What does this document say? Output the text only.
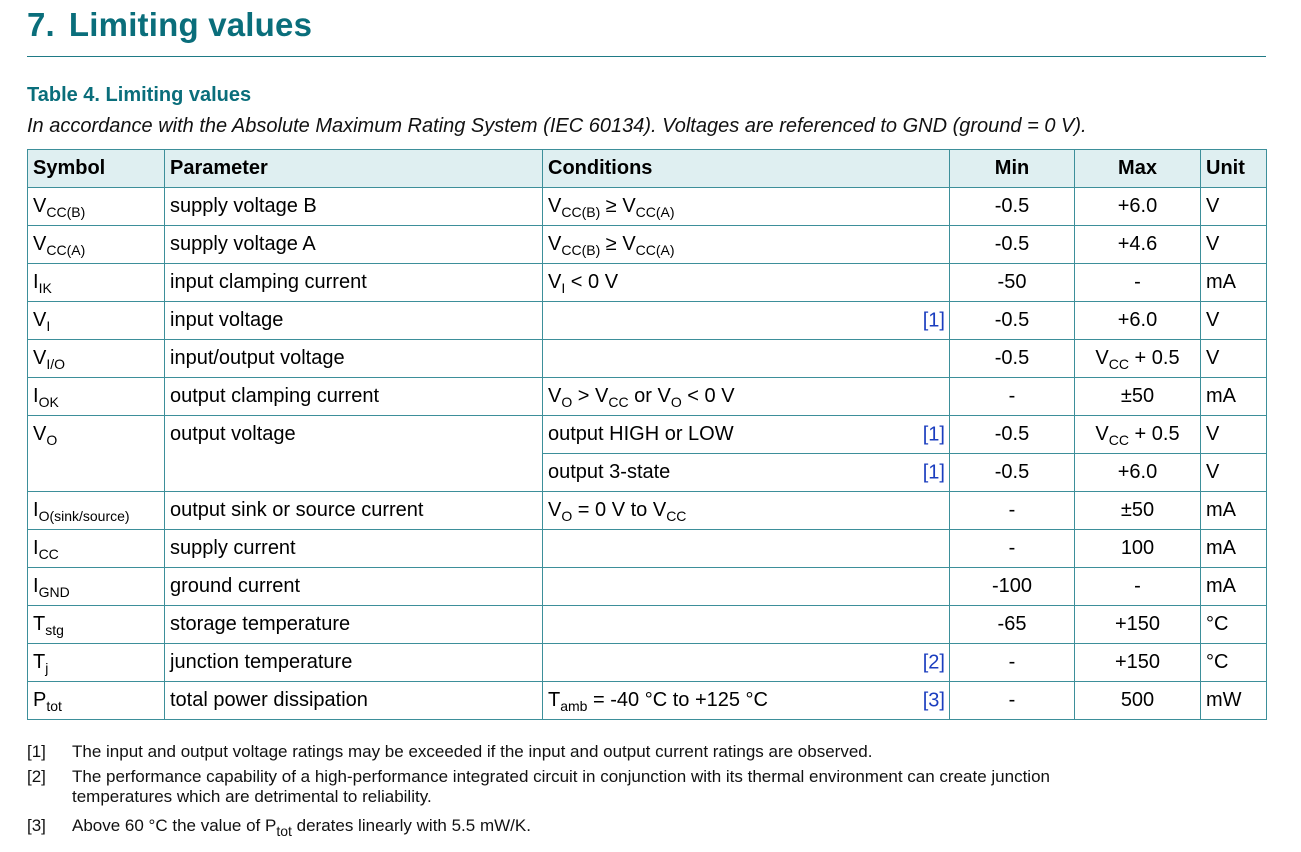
7. Limiting values
Table 4. Limiting values
In accordance with the Absolute Maximum Rating System (IEC 60134). Voltages are referenced to GND (ground = 0 V).
Symbol	Parameter	Conditions	Min	Max	Unit
$V_{CC(B)}$	supply voltage B	$V_{CC(B)} \ge V_{CC(A)}$	-0.5	+6.0	V
$V_{CC(A)}$	supply voltage A	$V_{CC(B)} \ge V_{CC(A)}$	-0.5	+4.6	V
$I_{IK}$	input clamping current	$V_I < 0$ V	-50	-	mA
$V_I$	input voltage	[1]	-0.5	+6.0	V
$V_{I/O}$	input/output voltage		-0.5	$V_{CC} + 0.5$	V
$I_{OK}$	output clamping current	$V_O > V_{CC}$ or $V_O < 0$ V	-	±50	mA
$V_O$	output voltage	output HIGH or LOW [1]	-0.5	$V_{CC} + 0.5$	V
		output 3-state [1]	-0.5	+6.0	V
$I_{O(sink/source)}$	output sink or source current	$V_O = 0$ V to $V_{CC}$	-	±50	mA
$I_{CC}$	supply current		-	100	mA
$I_{GND}$	ground current		-100	-	mA
$T_{stg}$	storage temperature		-65	+150	°C
$T_j$	junction temperature	[2]	-	+150	°C
$P_{tot}$	total power dissipation	$T_{amb} = -40$ °C to +125 °C [3]	-	500	mW
[1] The input and output voltage ratings may be exceeded if the input and output current ratings are observed.
[2] The performance capability of a high-performance integrated circuit in conjunction with its thermal environment can create junction
temperatures which are detrimental to reliability.
[3] Above 60 °C the value of $P_{tot}$ derates linearly with 5.5 mW/K.
